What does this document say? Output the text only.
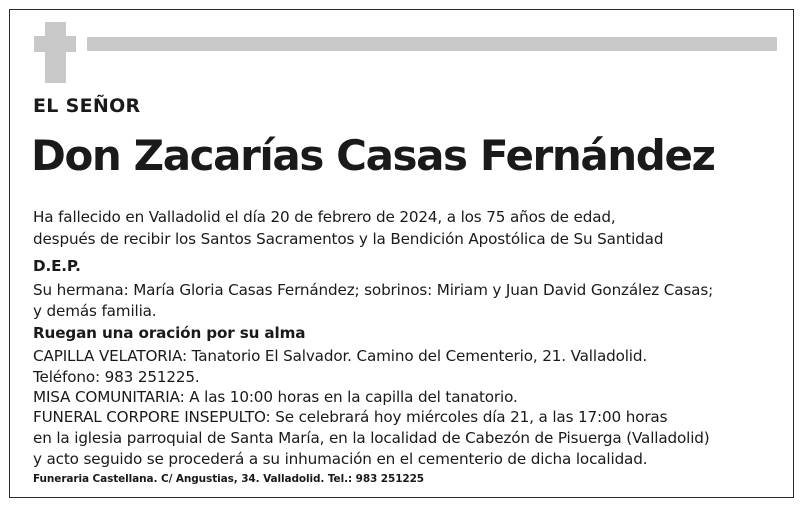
EL SEÑOR
Don Zacarías Casas Fernández
Ha fallecido en Valladolid el día 20 de febrero de 2024, a los 75 años de edad,
después de recibir los Santos Sacramentos y la Bendición Apostólica de Su Santidad
D.E.P.
Su hermana: María Gloria Casas Fernández; sobrinos: Miriam y Juan David González Casas;
y demás familia.
Ruegan una oración por su alma
CAPILLA VELATORIA: Tanatorio El Salvador. Camino del Cementerio, 21. Valladolid.
Teléfono: 983 251225.
MISA COMUNITARIA: A las 10:00 horas en la capilla del tanatorio.
FUNERAL CORPORE INSEPULTO: Se celebrará hoy miércoles día 21, a las 17:00 horas
en la iglesia parroquial de Santa María, en la localidad de Cabezón de Pisuerga (Valladolid)
y acto seguido se procederá a su inhumación en el cementerio de dicha localidad.
Funeraria Castellana. C/ Angustias, 34. Valladolid. Tel.: 983 251225
